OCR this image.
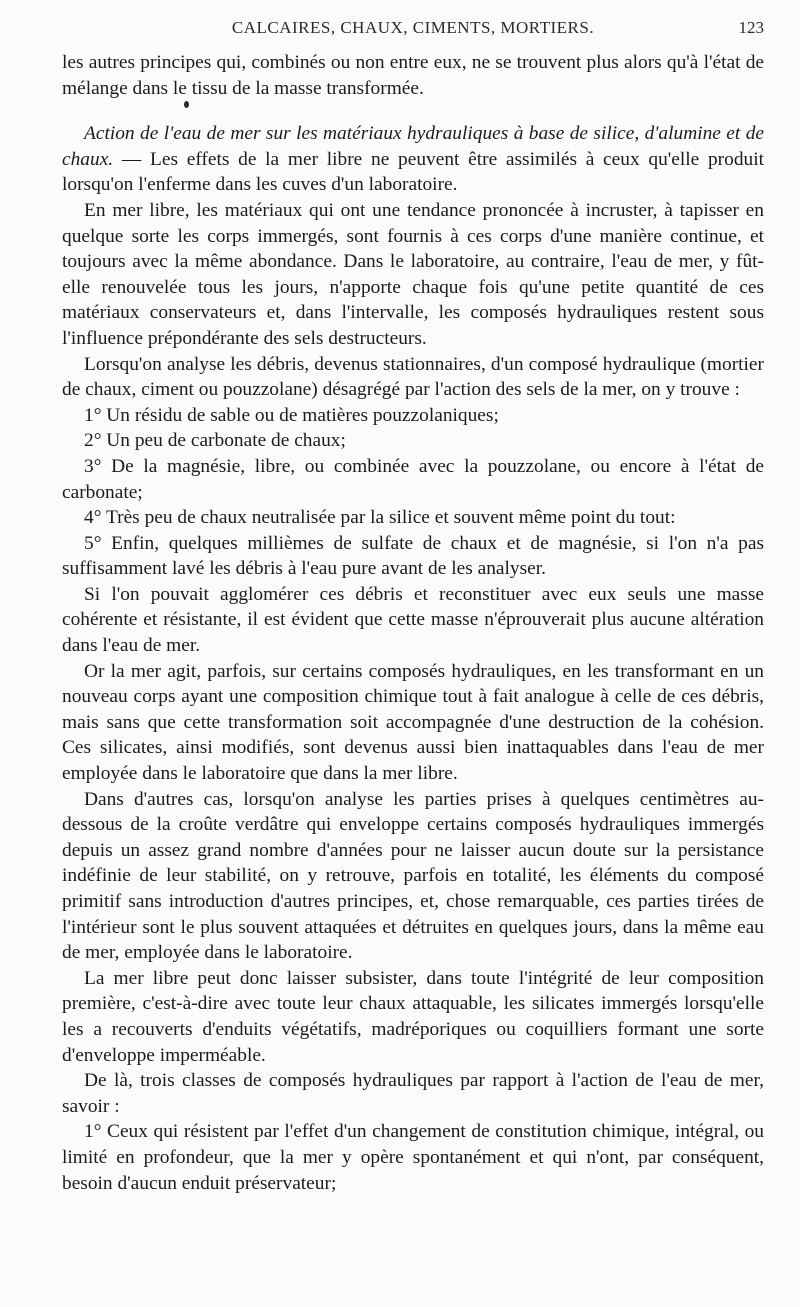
CALCAIRES, CHAUX, CIMENTS, MORTIERS.	123

les autres principes qui, combinés ou non entre eux, ne se trouvent plus alors qu'à l'état de mélange dans le tissu de la masse transformée.

Action de l'eau de mer sur les matériaux hydrauliques à base de silice, d'alumine et de chaux. — Les effets de la mer libre ne peuvent être assimilés à ceux qu'elle produit lorsqu'on l'enferme dans les cuves d'un laboratoire.

En mer libre, les matériaux qui ont une tendance prononcée à incruster, à tapisser en quelque sorte les corps immergés, sont fournis à ces corps d'une manière continue, et toujours avec la même abondance. Dans le laboratoire, au contraire, l'eau de mer, y fût-elle renouvelée tous les jours, n'apporte chaque fois qu'une petite quantité de ces matériaux conservateurs et, dans l'intervalle, les composés hydrauliques restent sous l'influence prépondérante des sels destructeurs.

Lorsqu'on analyse les débris, devenus stationnaires, d'un composé hydraulique (mortier de chaux, ciment ou pouzzolane) désagrégé par l'action des sels de la mer, on y trouve :

1° Un résidu de sable ou de matières pouzzolaniques;

2° Un peu de carbonate de chaux;

3° De la magnésie, libre, ou combinée avec la pouzzolane, ou encore à l'état de carbonate;

4° Très peu de chaux neutralisée par la silice et souvent même point du tout:

5° Enfin, quelques millièmes de sulfate de chaux et de magnésie, si l'on n'a pas suffisamment lavé les débris à l'eau pure avant de les analyser.

Si l'on pouvait agglomérer ces débris et reconstituer avec eux seuls une masse cohérente et résistante, il est évident que cette masse n'éprouverait plus aucune altération dans l'eau de mer.

Or la mer agit, parfois, sur certains composés hydrauliques, en les transformant en un nouveau corps ayant une composition chimique tout à fait analogue à celle de ces débris, mais sans que cette transformation soit accompagnée d'une destruction de la cohésion. Ces silicates, ainsi modifiés, sont devenus aussi bien inattaquables dans l'eau de mer employée dans le laboratoire que dans la mer libre.

Dans d'autres cas, lorsqu'on analyse les parties prises à quelques centimètres au-dessous de la croûte verdâtre qui enveloppe certains composés hydrauliques immergés depuis un assez grand nombre d'années pour ne laisser aucun doute sur la persistance indéfinie de leur stabilité, on y retrouve, parfois en totalité, les éléments du composé primitif sans introduction d'autres principes, et, chose remarquable, ces parties tirées de l'intérieur sont le plus souvent attaquées et détruites en quelques jours, dans la même eau de mer, employée dans le laboratoire.

La mer libre peut donc laisser subsister, dans toute l'intégrité de leur composition première, c'est-à-dire avec toute leur chaux attaquable, les silicates immergés lorsqu'elle les a recouverts d'enduits végétatifs, madréporiques ou coquilliers formant une sorte d'enveloppe imperméable.

De là, trois classes de composés hydrauliques par rapport à l'action de l'eau de mer, savoir :

1° Ceux qui résistent par l'effet d'un changement de constitution chimique, intégral, ou limité en profondeur, que la mer y opère spontanément et qui n'ont, par conséquent, besoin d'aucun enduit préservateur;
